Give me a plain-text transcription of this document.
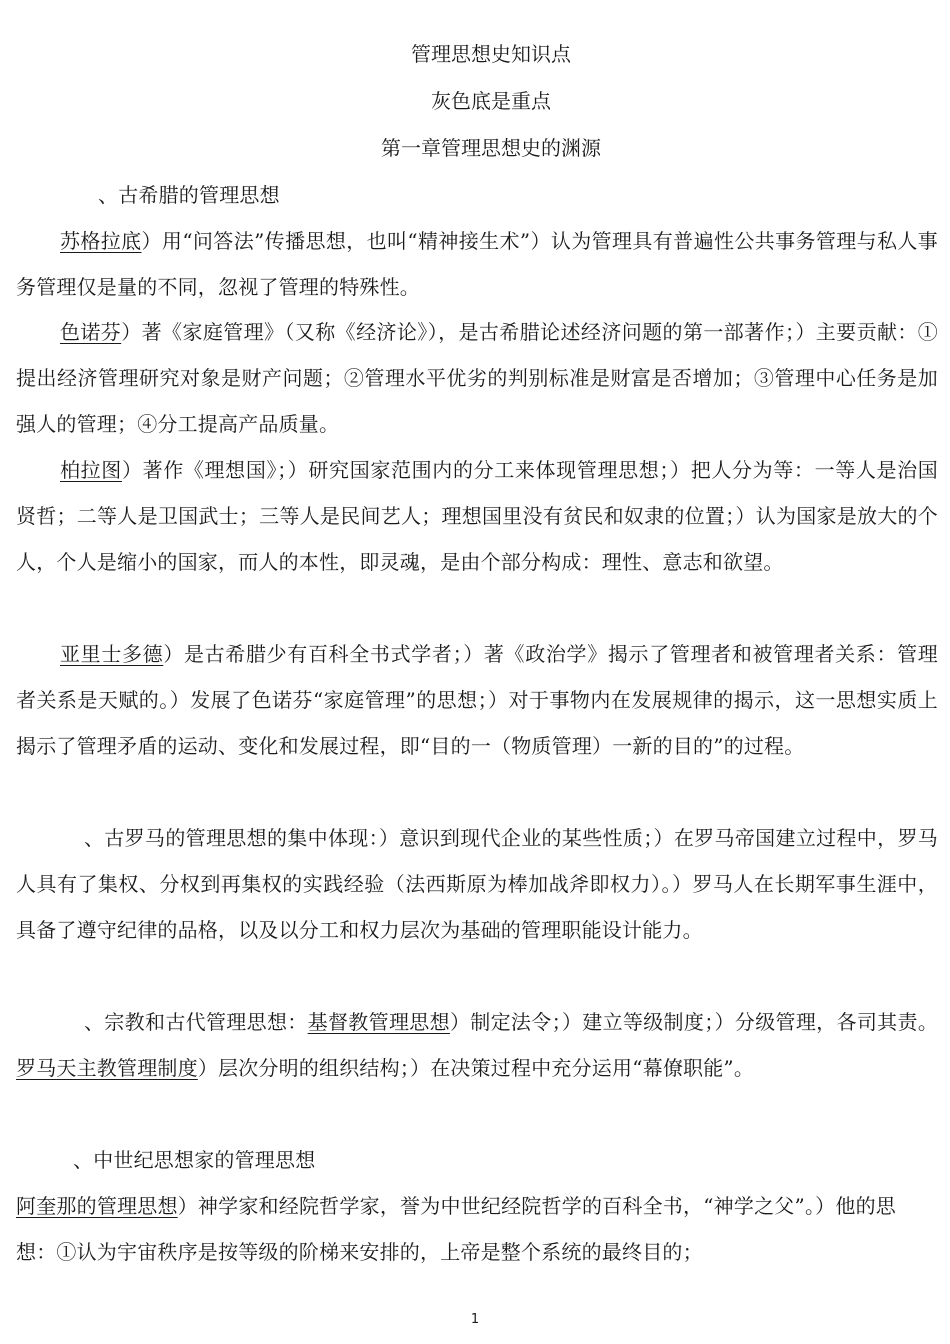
管理思想史知识点
灰色底是重点
第一章管理思想史的渊源
、古希腊的管理思想

苏格拉底）用“问答法”传播思想，也叫“精神接生术”）认为管理具有普遍性公共事务管理与私人事务管理仅是量的不同，忽视了管理的特殊性。

色诺芬）著《家庭管理》（又称《经济论》），是古希腊论述经济问题的第一部著作；）主要贡献：①提出经济管理研究对象是财产问题；②管理水平优劣的判别标准是财富是否增加；③管理中心任务是加强人的管理；④分工提高产品质量。

柏拉图）著作《理想国》；）研究国家范围内的分工来体现管理思想；）把人分为等：一等人是治国贤哲；二等人是卫国武士；三等人是民间艺人；理想国里没有贫民和奴隶的位置；）认为国家是放大的个人，个人是缩小的国家，而人的本性，即灵魂，是由个部分构成：理性、意志和欲望。

亚里士多德）是古希腊少有百科全书式学者；）著《政治学》揭示了管理者和被管理者关系：管理者关系是天赋的。）发展了色诺芬“家庭管理”的思想；）对于事物内在发展规律的揭示，这一思想实质上揭示了管理矛盾的运动、变化和发展过程，即“目的一（物质管理）一新的目的”的过程。

、古罗马的管理思想的集中体现：）意识到现代企业的某些性质；）在罗马帝国建立过程中，罗马人具有了集权、分权到再集权的实践经验（法西斯原为棒加战斧即权力）。）罗马人在长期军事生涯中，具备了遵守纪律的品格，以及以分工和权力层次为基础的管理职能设计能力。

、宗教和古代管理思想：基督教管理思想）制定法令；）建立等级制度；）分级管理，各司其责。罗马天主教管理制度）层次分明的组织结构；）在决策过程中充分运用“幕僚职能”。

、中世纪思想家的管理思想

阿奎那的管理思想）神学家和经院哲学家，誉为中世纪经院哲学的百科全书，“神学之父”。）他的思想：①认为宇宙秩序是按等级的阶梯来安排的，上帝是整个系统的最终目的；

1
